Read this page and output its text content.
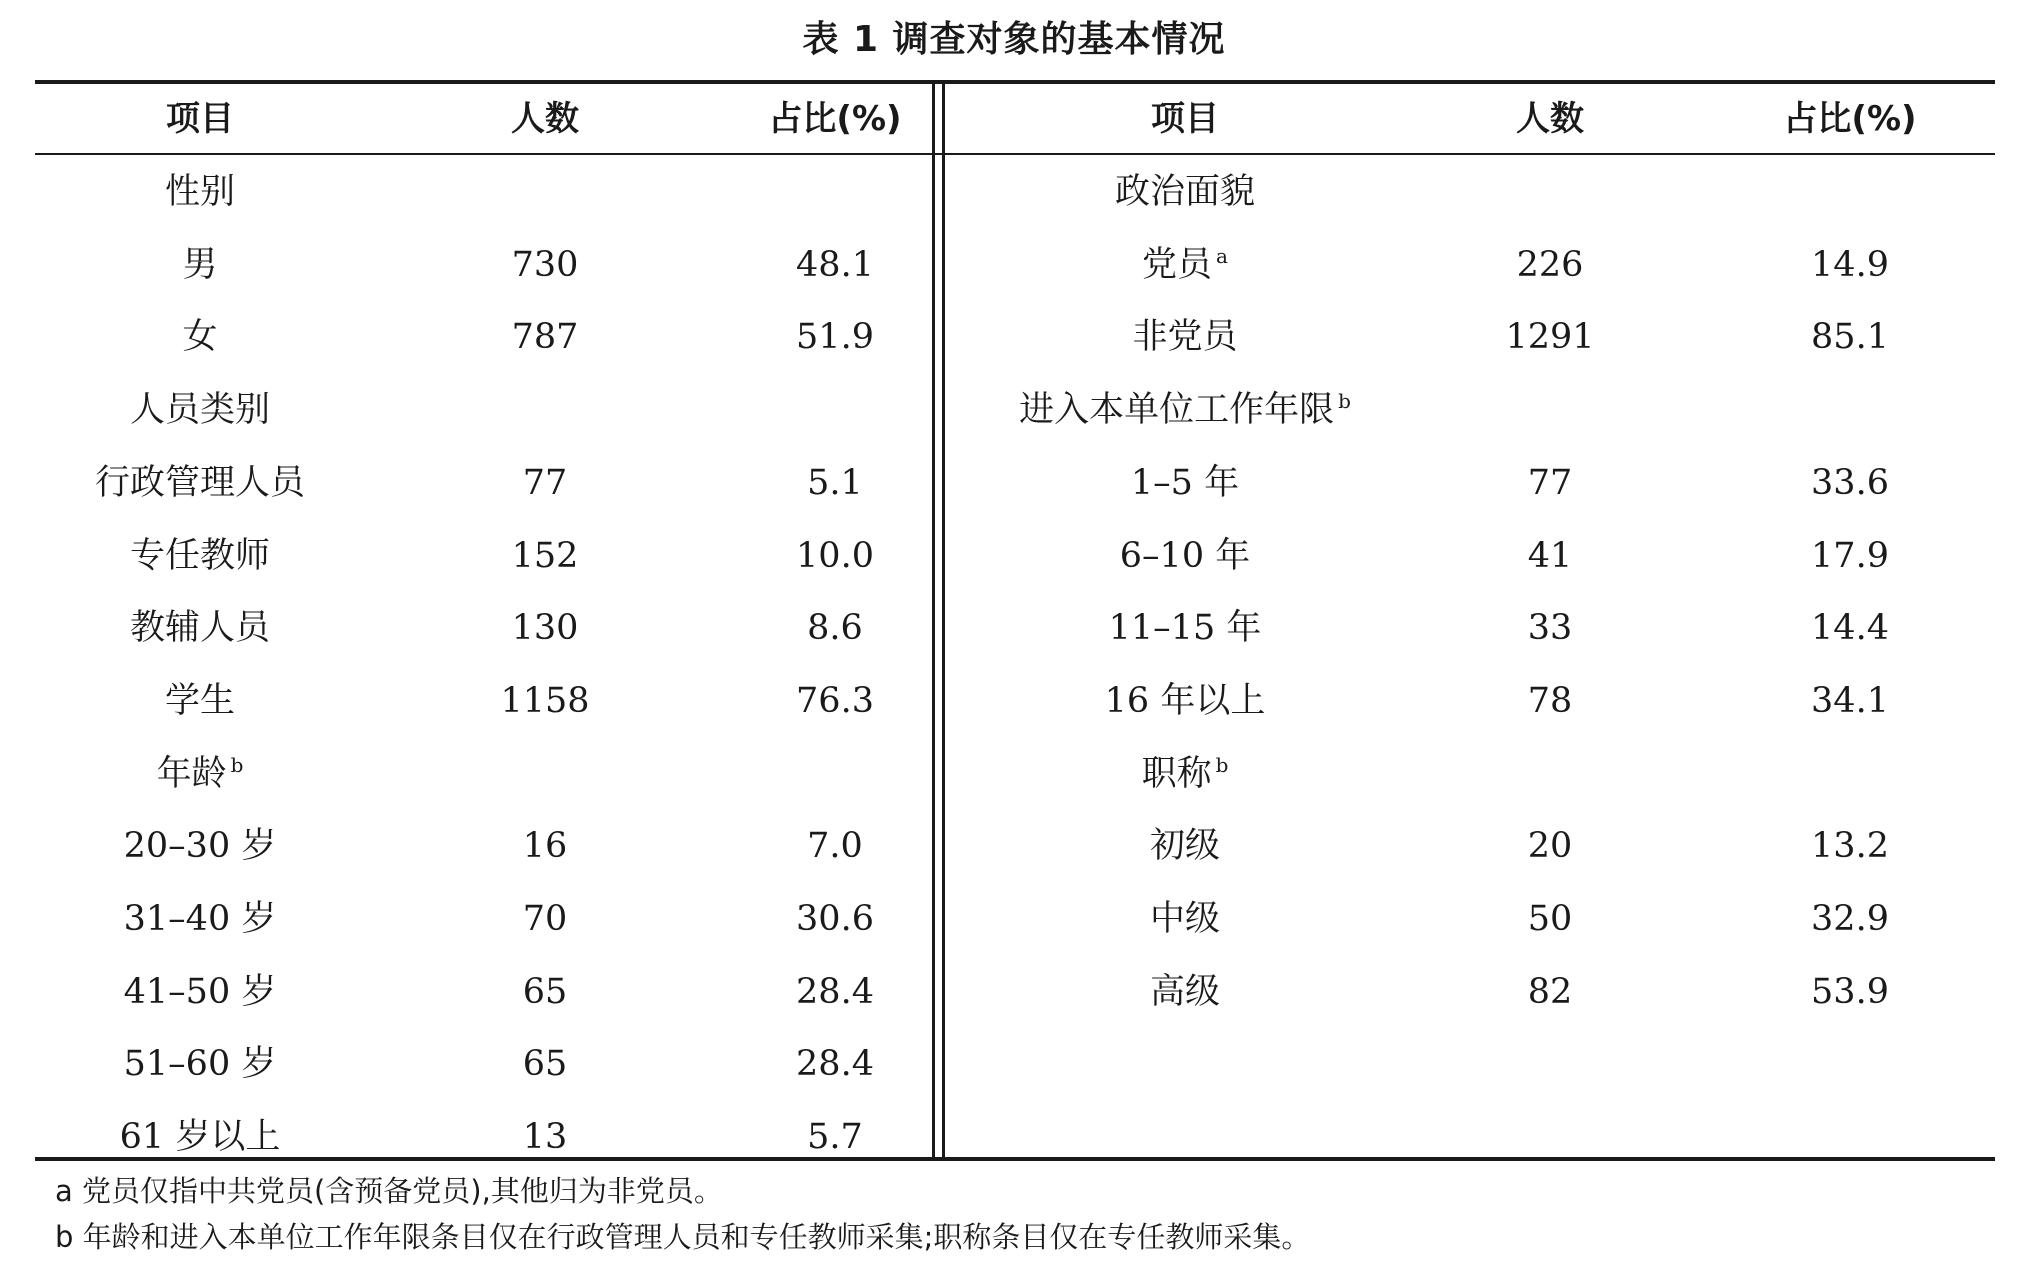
表 1 调查对象的基本情况
项目	人数	占比(%)
性别
男	730	48.1
女	787	51.9
人员类别
行政管理人员	77	5.1
专任教师	152	10.0
教辅人员	130	8.6
学生	1158	76.3
年龄 $^b$
20–30 岁	16	7.0
31–40 岁	70	30.6
41–50 岁	65	28.4
51–60 岁	65	28.4
61 岁以上	13	5.7
项目	人数	占比(%)
政治面貌
党员 $^a$	226	14.9
非党员	1291	85.1
进入本单位工作年限 $^b$
1–5 年	77	33.6
6–10 年	41	17.9
11–15 年	33	14.4
16 年以上	78	34.1
职称 $^b$
初级	20	13.2
中级	50	32.9
高级	82	53.9
a 党员仅指中共党员(含预备党员),其他归为非党员。
b 年龄和进入本单位工作年限条目仅在行政管理人员和专任教师采集;职称条目仅在专任教师采集。
